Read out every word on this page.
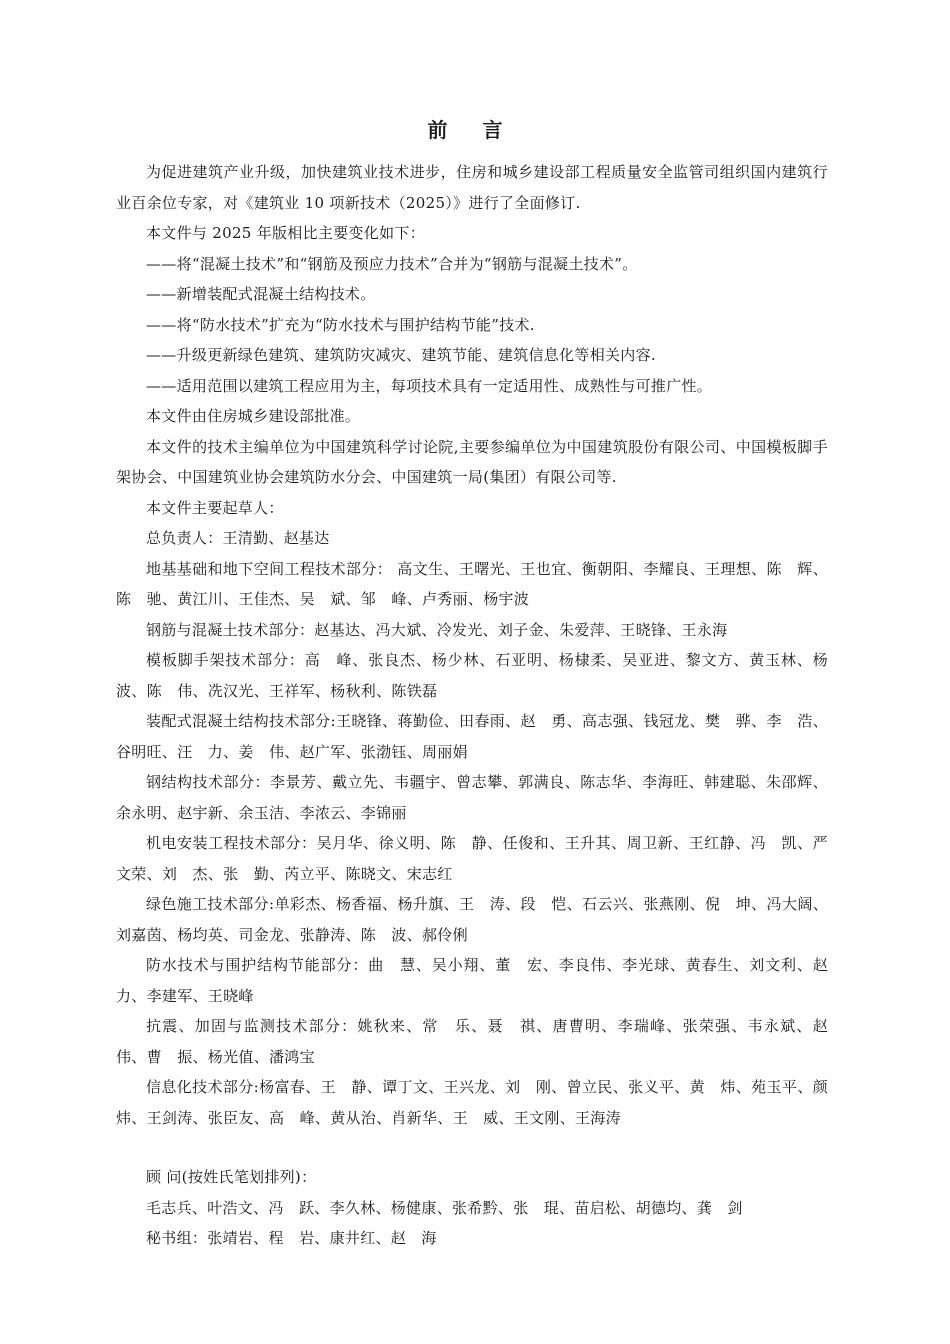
前 言

为促进建筑产业升级，加快建筑业技术进步，住房和城乡建设部工程质量安全监管司组织国内建筑行业百余位专家，对《建筑业 10 项新技术（2025）》进行了全面修订.

本文件与 2025 年版相比主要变化如下：

——将“混凝土技术”和“钢筋及预应力技术”合并为“钢筋与混凝土技术”。

——新增装配式混凝土结构技术。

——将“防水技术”扩充为“防水技术与围护结构节能”技术.

——升级更新绿色建筑、建筑防灾减灾、建筑节能、建筑信息化等相关内容.

——适用范围以建筑工程应用为主，每项技术具有一定适用性、成熟性与可推广性。

本文件由住房城乡建设部批准。

本文件的技术主编单位为中国建筑科学讨论院,主要参编单位为中国建筑股份有限公司、中国模板脚手架协会、中国建筑业协会建筑防水分会、中国建筑一局(集团）有限公司等.

本文件主要起草人：

总负责人：王清勤、赵基达

地基基础和地下空间工程技术部分： 高文生、王曙光、王也宜、衡朝阳、李耀良、王理想、陈　辉、陈　驰、黄江川、王佳杰、吴　斌、邹　峰、卢秀丽、杨宇波

钢筋与混凝土技术部分：赵基达、冯大斌、冷发光、刘子金、朱爱萍、王晓锋、王永海

模板脚手架技术部分：高　峰、张良杰、杨少林、石亚明、杨棣柔、吴亚进、黎文方、黄玉林、杨　波、陈　伟、冼汉光、王祥军、杨秋利、陈铁磊

装配式混凝土结构技术部分:王晓锋、蒋勤俭、田春雨、赵　勇、高志强、钱冠龙、樊　骅、李　浩、谷明旺、汪　力、姜　伟、赵广军、张渤钰、周丽娟

钢结构技术部分：李景芳、戴立先、韦疆宇、曾志攀、郭满良、陈志华、李海旺、韩建聪、朱邵辉、余永明、赵宇新、余玉洁、李浓云、李锦丽

机电安装工程技术部分：吴月华、徐义明、陈　静、任俊和、王升其、周卫新、王红静、冯　凯、严文荣、刘　杰、张　勤、芮立平、陈晓文、宋志红

绿色施工技术部分:单彩杰、杨香福、杨升旗、王　涛、段　恺、石云兴、张燕刚、倪　坤、冯大阔、刘嘉茵、杨均英、司金龙、张静涛、陈　波、郝伶俐

防水技术与围护结构节能部分：曲　慧、吴小翔、董　宏、李良伟、李光球、黄春生、刘文利、赵　力、李建军、王晓峰

抗震、加固与监测技术部分：姚秋来、常　乐、聂　祺、唐曹明、李瑞峰、张荣强、韦永斌、赵　伟、曹　振、杨光值、潘鸿宝

信息化技术部分:杨富春、王　静、谭丁文、王兴龙、刘　刚、曾立民、张义平、黄　炜、苑玉平、颜　炜、王剑涛、张臣友、高　峰、黄从治、肖新华、王　威、王文刚、王海涛

顾 问(按姓氏笔划排列)：

毛志兵、叶浩文、冯　跃、李久林、杨健康、张希黔、张　琨、苗启松、胡德均、龚　剑

秘书组：张靖岩、程　岩、康井红、赵　海
